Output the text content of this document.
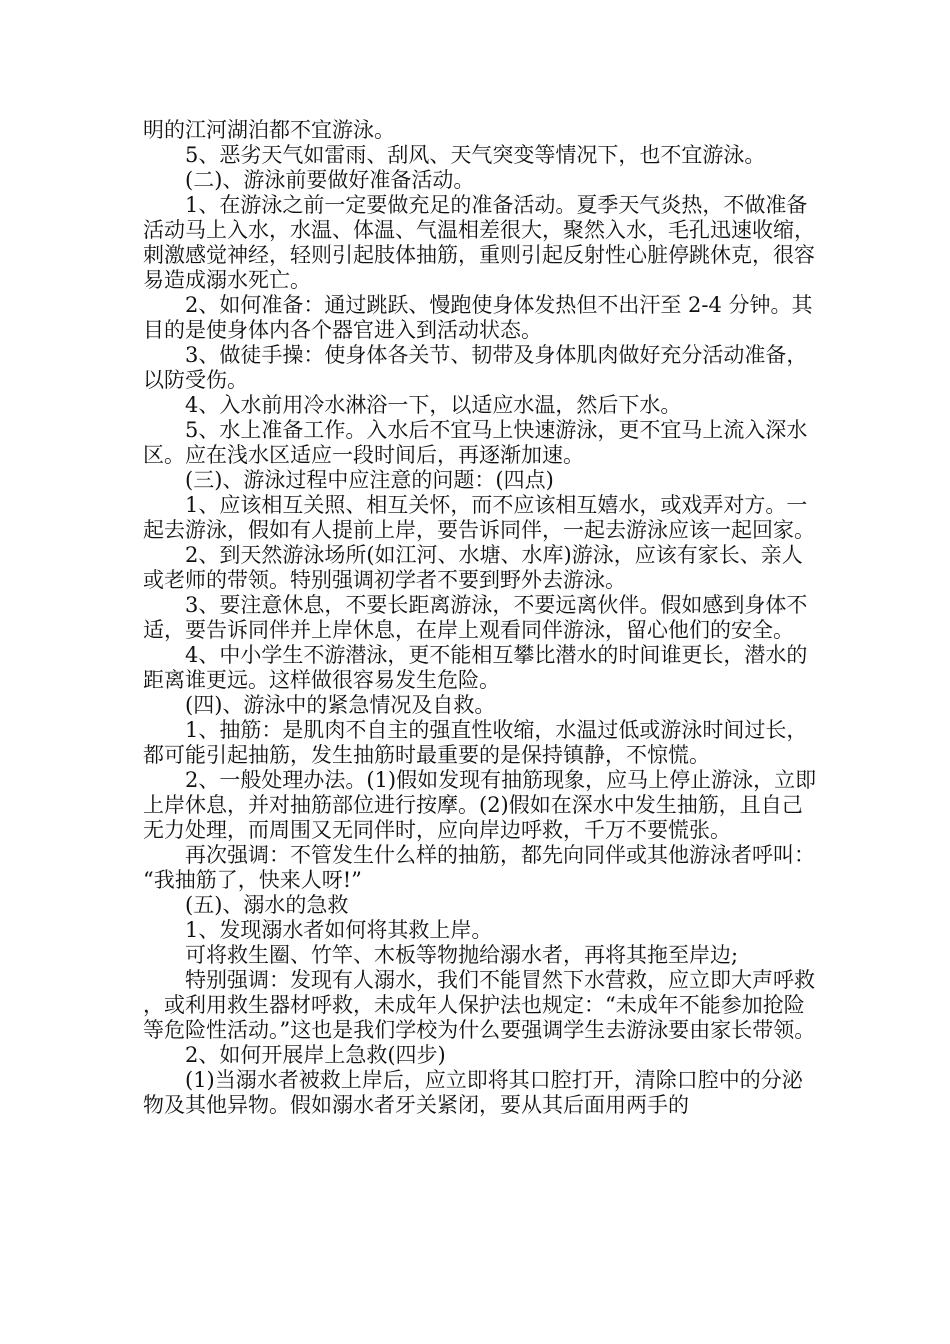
明的江河湖泊都不宜游泳。

5、恶劣天气如雷雨、刮风、天气突变等情况下，也不宜游泳。

(二)、游泳前要做好准备活动。

1、在游泳之前一定要做充足的准备活动。夏季天气炎热，不做准备活动马上入水，水温、体温、气温相差很大，聚然入水，毛孔迅速收缩，刺激感觉神经，轻则引起肢体抽筋，重则引起反射性心脏停跳休克，很容易造成溺水死亡。

2、如何准备：通过跳跃、慢跑使身体发热但不出汗至 2-4 分钟。其目的是使身体内各个器官进入到活动状态。

3、做徒手操：使身体各关节、韧带及身体肌肉做好充分活动准备，以防受伤。

4、入水前用冷水淋浴一下，以适应水温，然后下水。

5、水上准备工作。入水后不宜马上快速游泳，更不宜马上流入深水区。应在浅水区适应一段时间后，再逐渐加速。

(三)、游泳过程中应注意的问题：(四点)

1、应该相互关照、相互关怀，而不应该相互嬉水，或戏弄对方。一起去游泳，假如有人提前上岸，要告诉同伴，一起去游泳应该一起回家。

2、到天然游泳场所(如江河、水塘、水库)游泳，应该有家长、亲人或老师的带领。特别强调初学者不要到野外去游泳。

3、要注意休息，不要长距离游泳，不要远离伙伴。假如感到身体不适，要告诉同伴并上岸休息，在岸上观看同伴游泳，留心他们的安全。

4、中小学生不游潜泳，更不能相互攀比潜水的时间谁更长，潜水的距离谁更远。这样做很容易发生危险。

(四)、游泳中的紧急情况及自救。

1、抽筋：是肌肉不自主的强直性收缩，水温过低或游泳时间过长，都可能引起抽筋，发生抽筋时最重要的是保持镇静，不惊慌。

2、一般处理办法。(1)假如发现有抽筋现象，应马上停止游泳，立即上岸休息，并对抽筋部位进行按摩。(2)假如在深水中发生抽筋，且自己无力处理，而周围又无同伴时，应向岸边呼救，千万不要慌张。

再次强调：不管发生什么样的抽筋，都先向同伴或其他游泳者呼叫：“我抽筋了，快来人呀!”

(五)、溺水的急救

1、发现溺水者如何将其救上岸。

可将救生圈、竹竿、木板等物抛给溺水者，再将其拖至岸边;

特别强调：发现有人溺水，我们不能冒然下水营救，应立即大声呼救，或利用救生器材呼救，未成年人保护法也规定：“未成年不能参加抢险等危险性活动。”这也是我们学校为什么要强调学生去游泳要由家长带领。

2、如何开展岸上急救(四步)

(1)当溺水者被救上岸后，应立即将其口腔打开，清除口腔中的分泌物及其他异物。假如溺水者牙关紧闭，要从其后面用两手的
